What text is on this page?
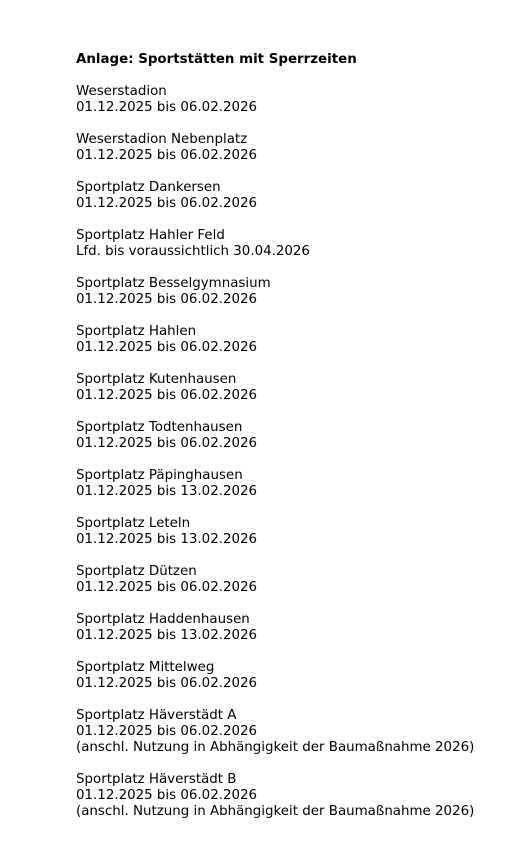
Anlage: Sportstätten mit Sperrzeiten
Weserstadion
01.12.2025 bis 06.02.2026
Weserstadion Nebenplatz
01.12.2025 bis 06.02.2026
Sportplatz Dankersen
01.12.2025 bis 06.02.2026
Sportplatz Hahler Feld
Lfd. bis voraussichtlich 30.04.2026
Sportplatz Besselgymnasium
01.12.2025 bis 06.02.2026
Sportplatz Hahlen
01.12.2025 bis 06.02.2026
Sportplatz Kutenhausen
01.12.2025 bis 06.02.2026
Sportplatz Todtenhausen
01.12.2025 bis 06.02.2026
Sportplatz Päpinghausen
01.12.2025 bis 13.02.2026
Sportplatz Leteln
01.12.2025 bis 13.02.2026
Sportplatz Dützen
01.12.2025 bis 06.02.2026
Sportplatz Haddenhausen
01.12.2025 bis 13.02.2026
Sportplatz Mittelweg
01.12.2025 bis 06.02.2026
Sportplatz Häverstädt A
01.12.2025 bis 06.02.2026
(anschl. Nutzung in Abhängigkeit der Baumaßnahme 2026)
Sportplatz Häverstädt B
01.12.2025 bis 06.02.2026
(anschl. Nutzung in Abhängigkeit der Baumaßnahme 2026)
